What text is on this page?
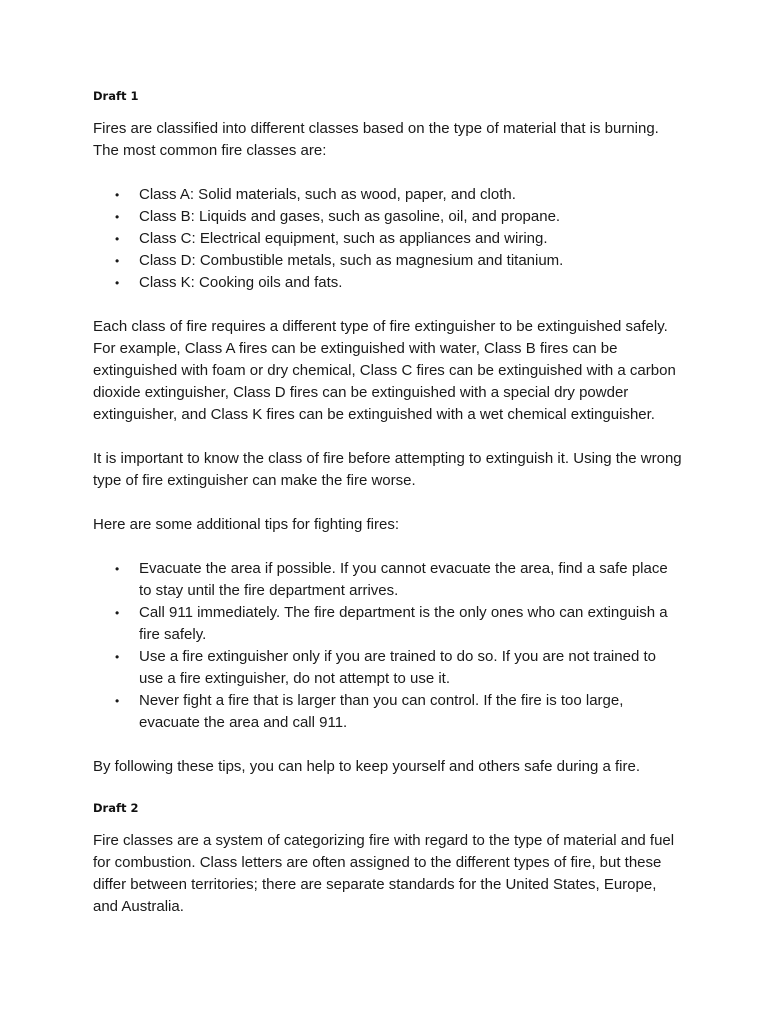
Draft 1

Fires are classified into different classes based on the type of material that is burning. The most common fire classes are:

• Class A: Solid materials, such as wood, paper, and cloth.
• Class B: Liquids and gases, such as gasoline, oil, and propane.
• Class C: Electrical equipment, such as appliances and wiring.
• Class D: Combustible metals, such as magnesium and titanium.
• Class K: Cooking oils and fats.

Each class of fire requires a different type of fire extinguisher to be extinguished safely. For example, Class A fires can be extinguished with water, Class B fires can be extinguished with foam or dry chemical, Class C fires can be extinguished with a carbon dioxide extinguisher, Class D fires can be extinguished with a special dry powder extinguisher, and Class K fires can be extinguished with a wet chemical extinguisher.

It is important to know the class of fire before attempting to extinguish it. Using the wrong type of fire extinguisher can make the fire worse.

Here are some additional tips for fighting fires:

• Evacuate the area if possible. If you cannot evacuate the area, find a safe place to stay until the fire department arrives.
• Call 911 immediately. The fire department is the only ones who can extinguish a fire safely.
• Use a fire extinguisher only if you are trained to do so. If you are not trained to use a fire extinguisher, do not attempt to use it.
• Never fight a fire that is larger than you can control. If the fire is too large, evacuate the area and call 911.

By following these tips, you can help to keep yourself and others safe during a fire.

Draft 2

Fire classes are a system of categorizing fire with regard to the type of material and fuel for combustion. Class letters are often assigned to the different types of fire, but these differ between territories; there are separate standards for the United States, Europe, and Australia.
